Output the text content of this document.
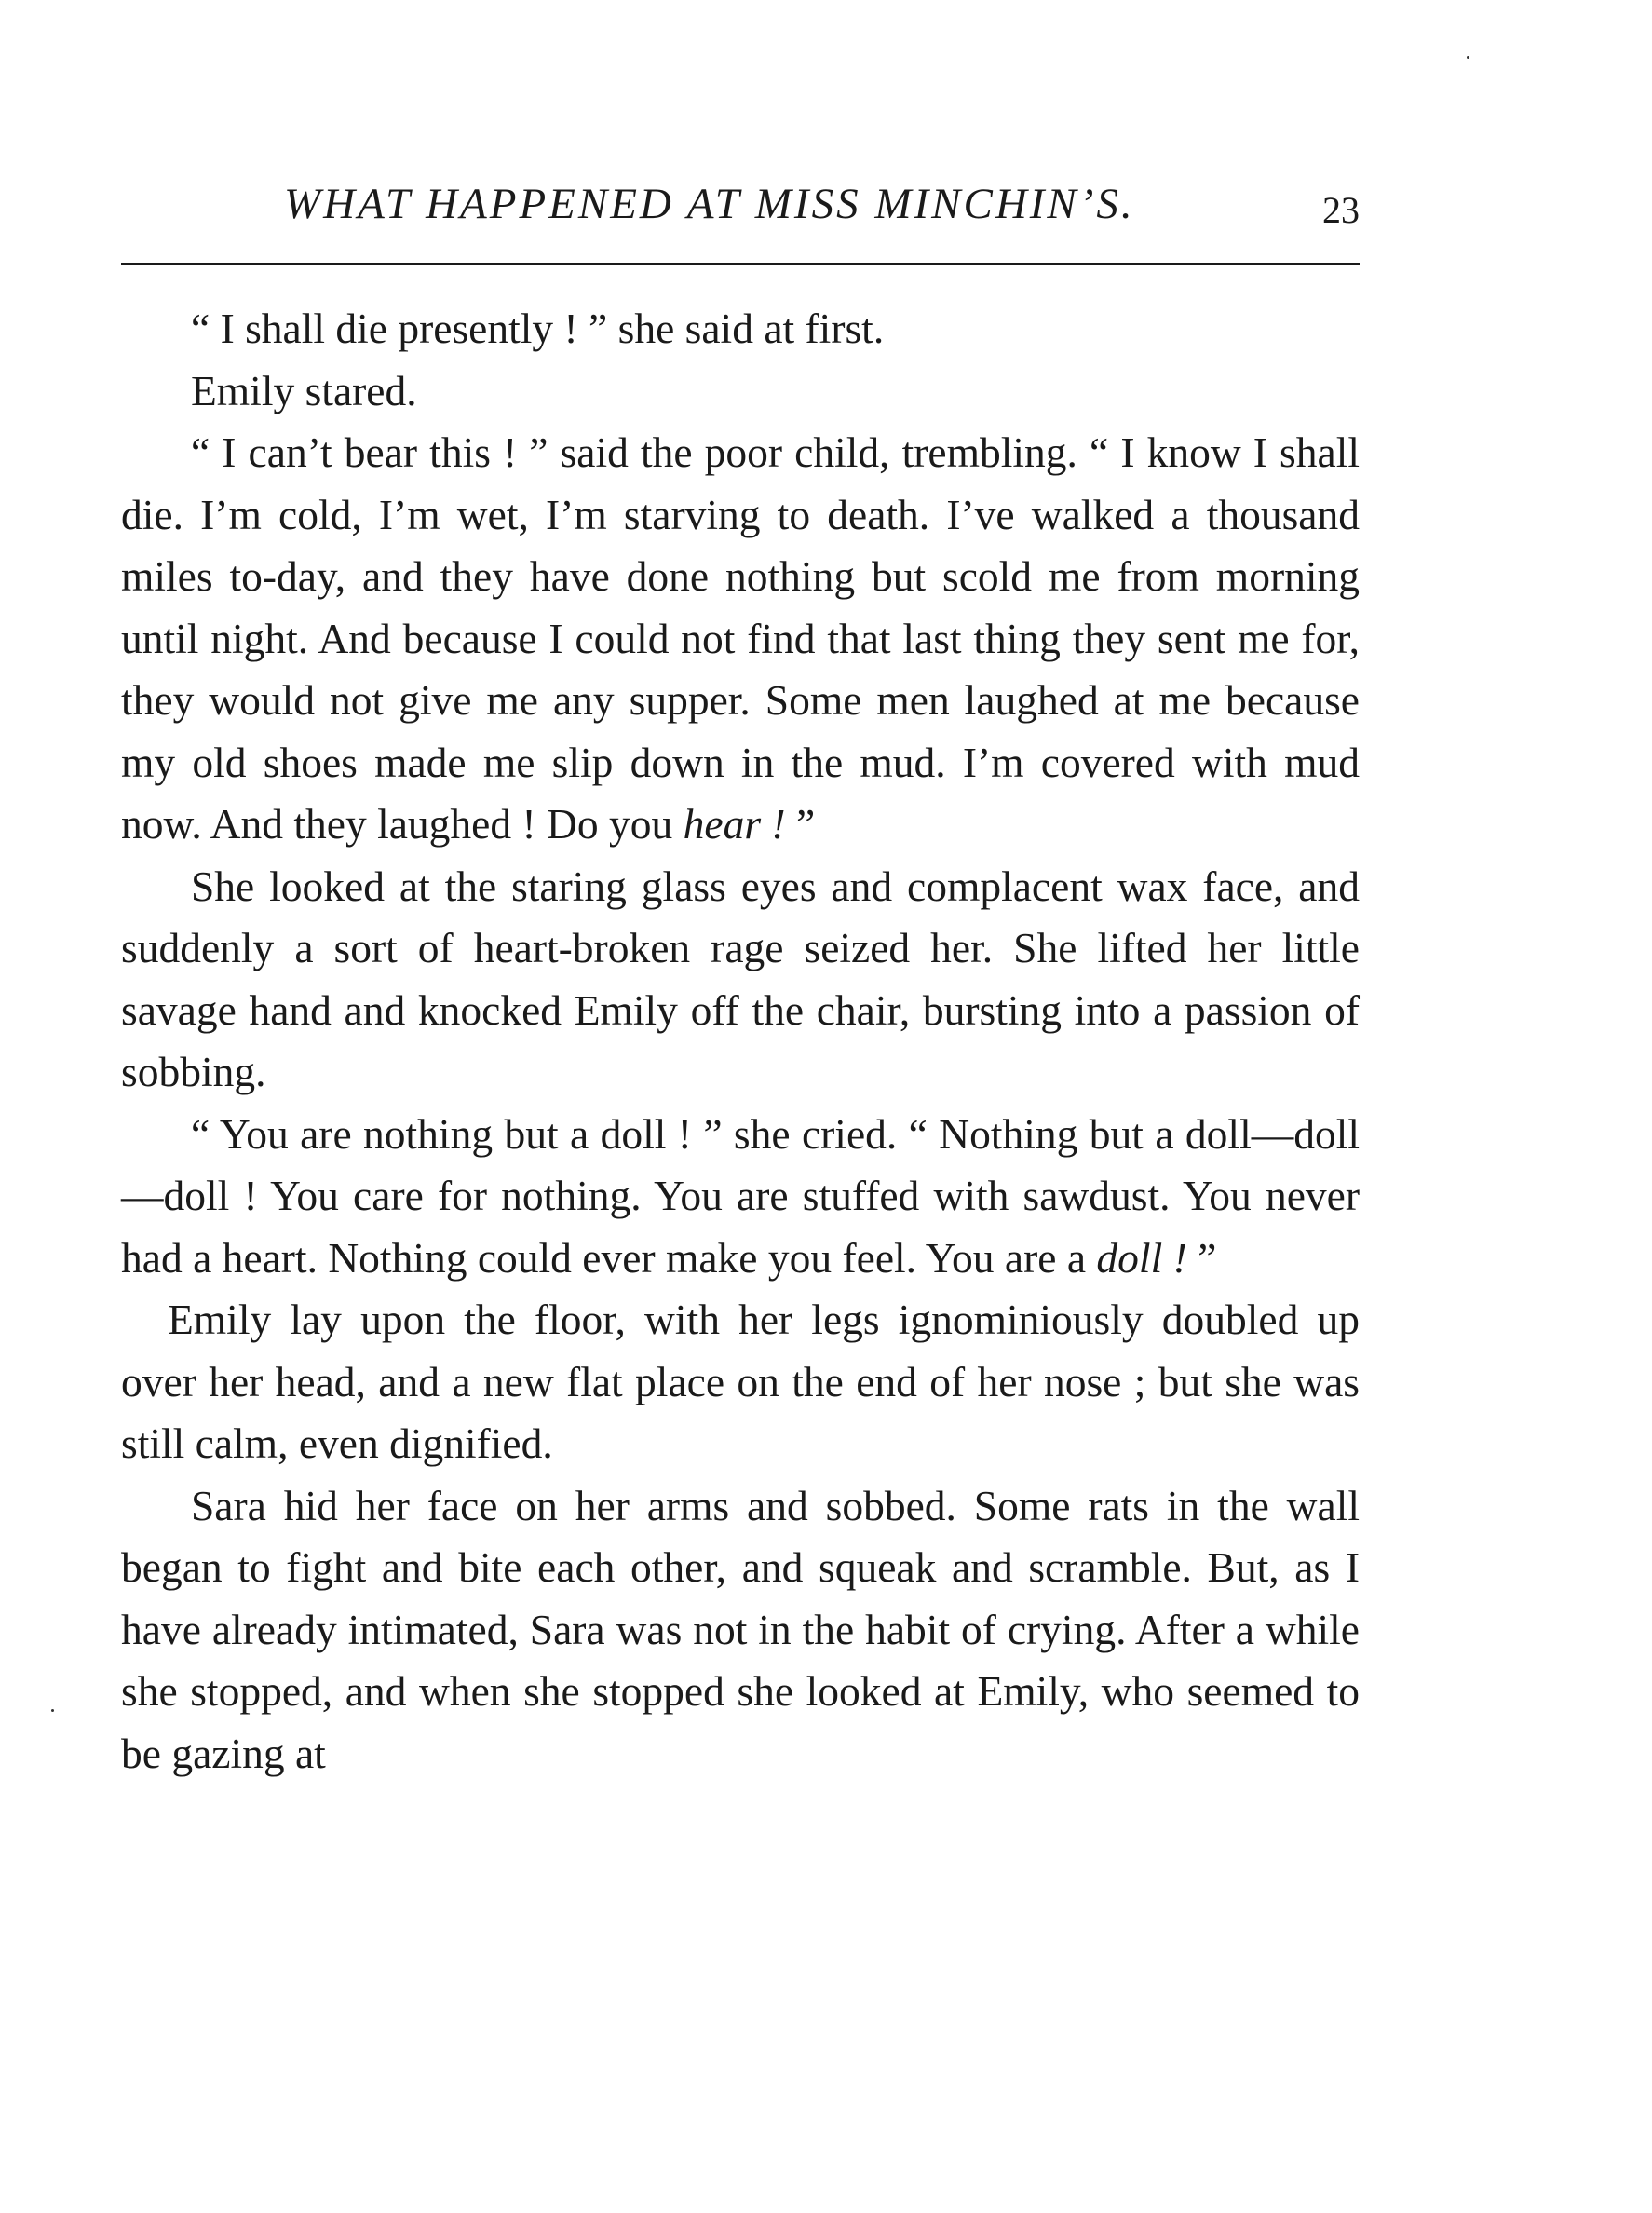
WHAT HAPPENED AT MISS MINCHIN’S.	23

“ I shall die presently ! ” she said at first.

Emily stared.

“ I can’t bear this ! ” said the poor child, trembling. “ I know I shall die. I’m cold, I’m wet, I’m starving to death. I’ve walked a thousand miles to-day, and they have done nothing but scold me from morning until night. And because I could not find that last thing they sent me for, they would not give me any supper. Some men laughed at me because my old shoes made me slip down in the mud. I’m covered with mud now. And they laughed ! Do you hear ! ”

She looked at the staring glass eyes and complacent wax face, and suddenly a sort of heart-broken rage seized her. She lifted her little savage hand and knocked Emily off the chair, bursting into a passion of sobbing.

“ You are nothing but a doll ! ” she cried. “ Nothing but a doll—doll—doll ! You care for nothing. You are stuffed with sawdust. You never had a heart. Nothing could ever make you feel. You are a doll ! ”

Emily lay upon the floor, with her legs ignominiously doubled up over her head, and a new flat place on the end of her nose ; but she was still calm, even dignified.

Sara hid her face on her arms and sobbed. Some rats in the wall began to fight and bite each other, and squeak and scramble. But, as I have already intimated, Sara was not in the habit of crying. After a while she stopped, and when she stopped she looked at Emily, who seemed to be gazing at
